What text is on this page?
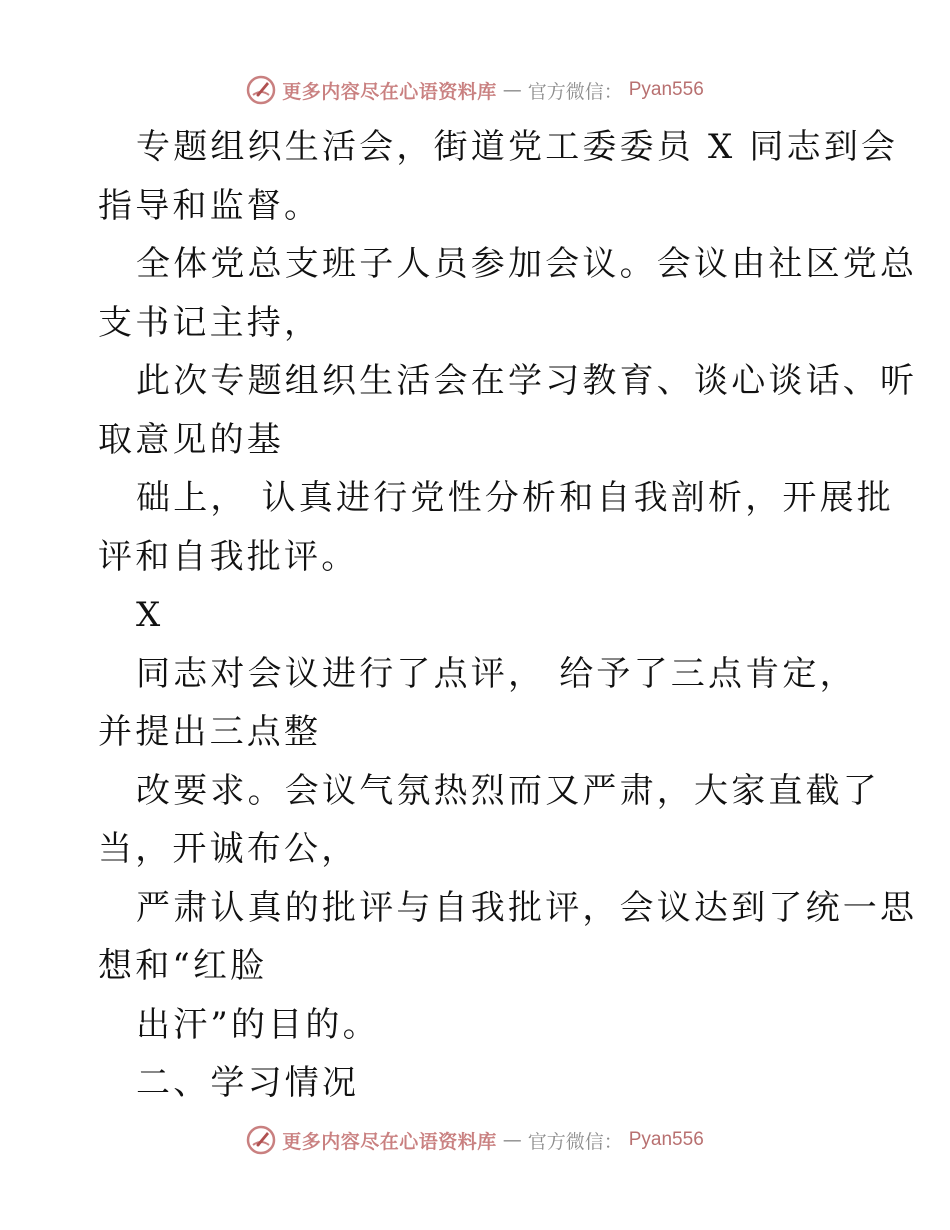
更多内容尽在心语资料库 — 官方微信： Pyan556
专题组织生活会，街道党工委委员 X 同志到会
指导和监督。
全体党总支班子人员参加会议。会议由社区党总
支书记主持，
此次专题组织生活会在学习教育、谈心谈话、听
取意见的基
础上， 认真进行党性分析和自我剖析，开展批
评和自我批评。
X
同志对会议进行了点评， 给予了三点肯定，
并提出三点整
改要求。会议气氛热烈而又严肃，大家直截了
当，开诚布公，
严肃认真的批评与自我批评，会议达到了统一思
想和“红脸
出汗”的目的。
二、学习情况
更多内容尽在心语资料库 — 官方微信： Pyan556
